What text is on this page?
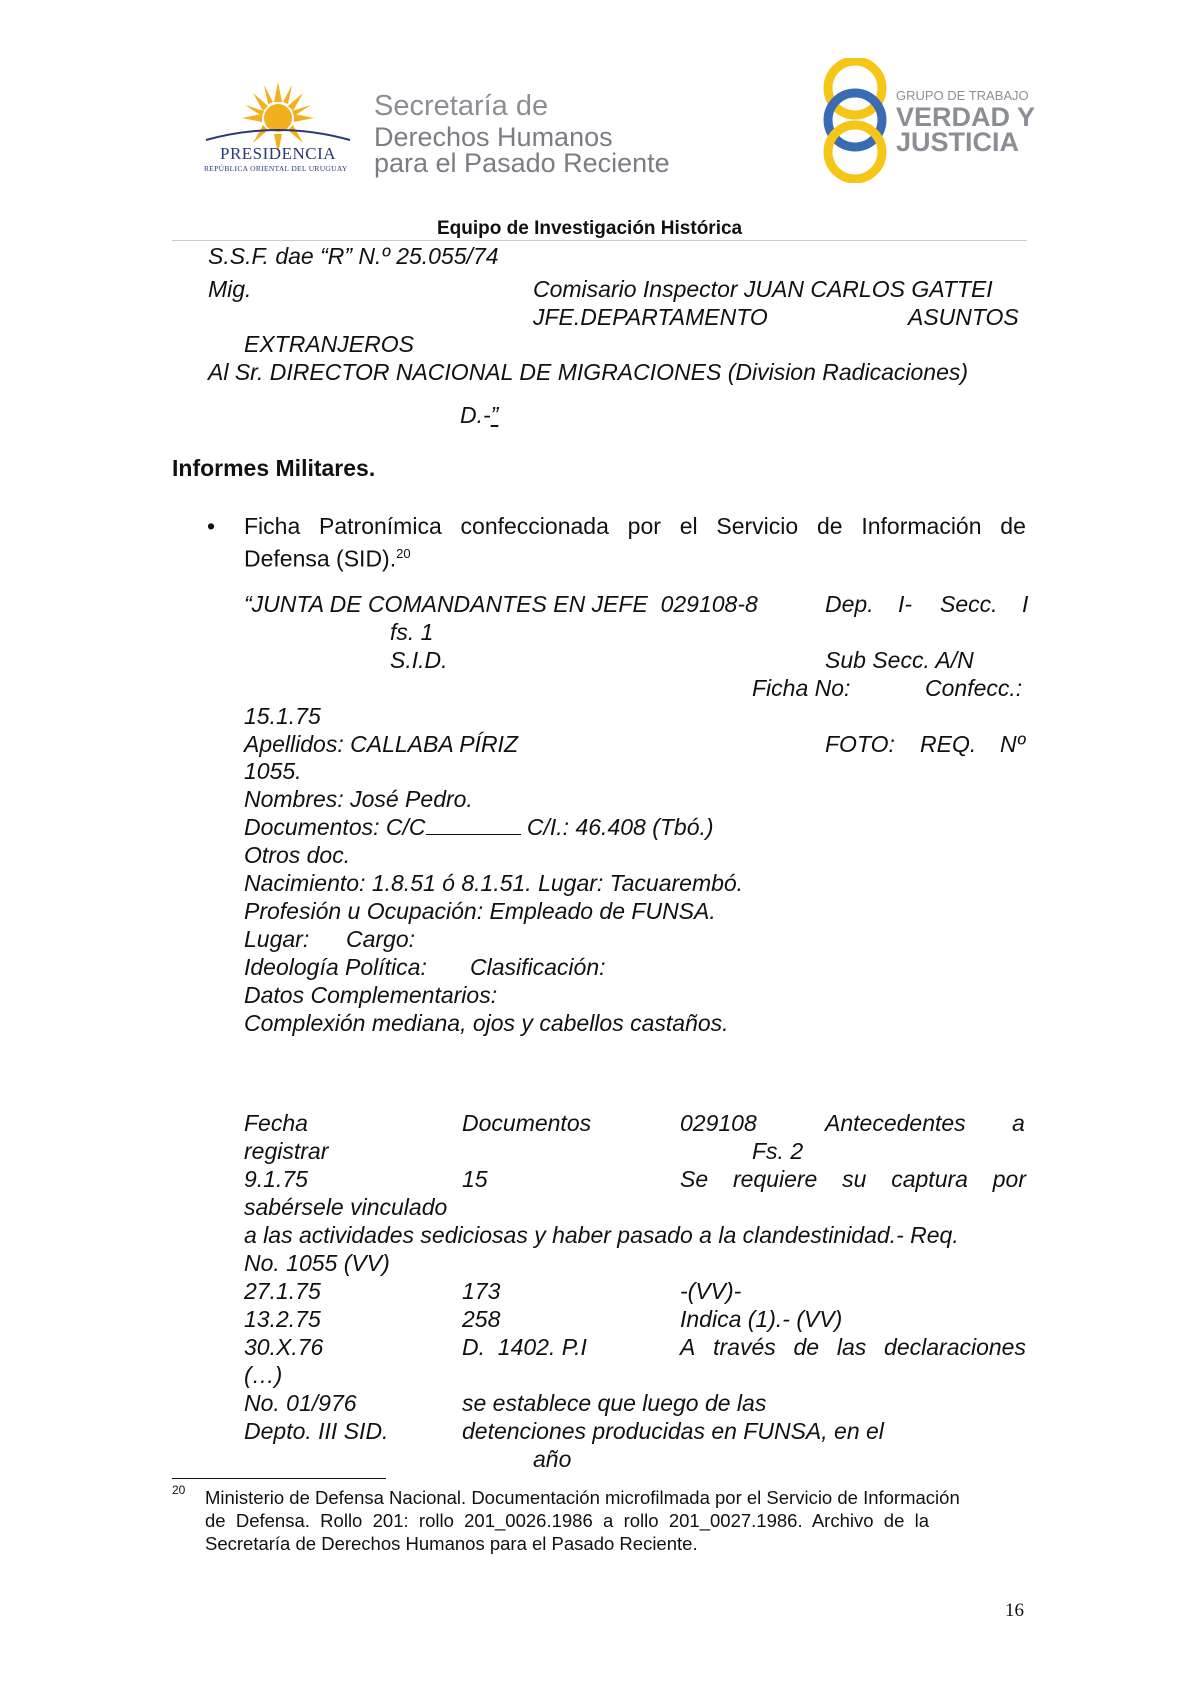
PRESIDENCIA
REPÚBLICA ORIENTAL DEL URUGUAY
Secretaría de
Derechos Humanos
para el Pasado Reciente
GRUPO DE TRABAJO
VERDAD Y
JUSTICIA
Equipo de Investigación Histórica
S.S.F. dae “R” N.º 25.055/74
Mig.	Comisario Inspector JUAN CARLOS GATTEI
JFE.DEPARTAMENTO	ASUNTOS
EXTRANJEROS
Al Sr. DIRECTOR NACIONAL DE MIGRACIONES (Division Radicaciones)
D.-”
Informes Militares.
• Ficha Patronímica confeccionada por el Servicio de Información de
Defensa (SID).$^{20}$
“JUNTA DE COMANDANTES EN JEFE  029108-8	Dep. I- Secc. I
fs. 1
S.I.D.	Sub Secc. A/N
Ficha No:	Confecc.:
15.1.75
Apellidos: CALLABA PÍRIZ	FOTO: REQ. Nº
1055.
Nombres: José Pedro.
Documentos: C/C	C/I.: 46.408 (Tbó.)
Otros doc.
Nacimiento: 1.8.51 ó 8.1.51. Lugar: Tacuarembó.
Profesión u Ocupación: Empleado de FUNSA.
Lugar: Cargo:
Ideología Política: Clasificación:
Datos Complementarios:
Complexión mediana, ojos y cabellos castaños.
Fecha	Documentos	029108	Antecedentes a
registrar	Fs. 2
9.1.75	15	Se requiere su captura por
sabérsele vinculado
a las actividades sediciosas y haber pasado a la clandestinidad.- Req.
No. 1055 (VV)
27.1.75	173	-(VV)-
13.2.75	258	Indica (1).- (VV)
30.X.76	D.  1402. P.I	A través de las declaraciones
(…)
No. 01/976	se establece que luego de las
Depto. III SID.	detenciones producidas en FUNSA, en el
año
20 Ministerio de Defensa Nacional. Documentación microfilmada por el Servicio de Información
de  Defensa.  Rollo  201:  rollo  201_0026.1986  a  rollo  201_0027.1986.  Archivo  de  la
Secretaría de Derechos Humanos para el Pasado Reciente.
16
